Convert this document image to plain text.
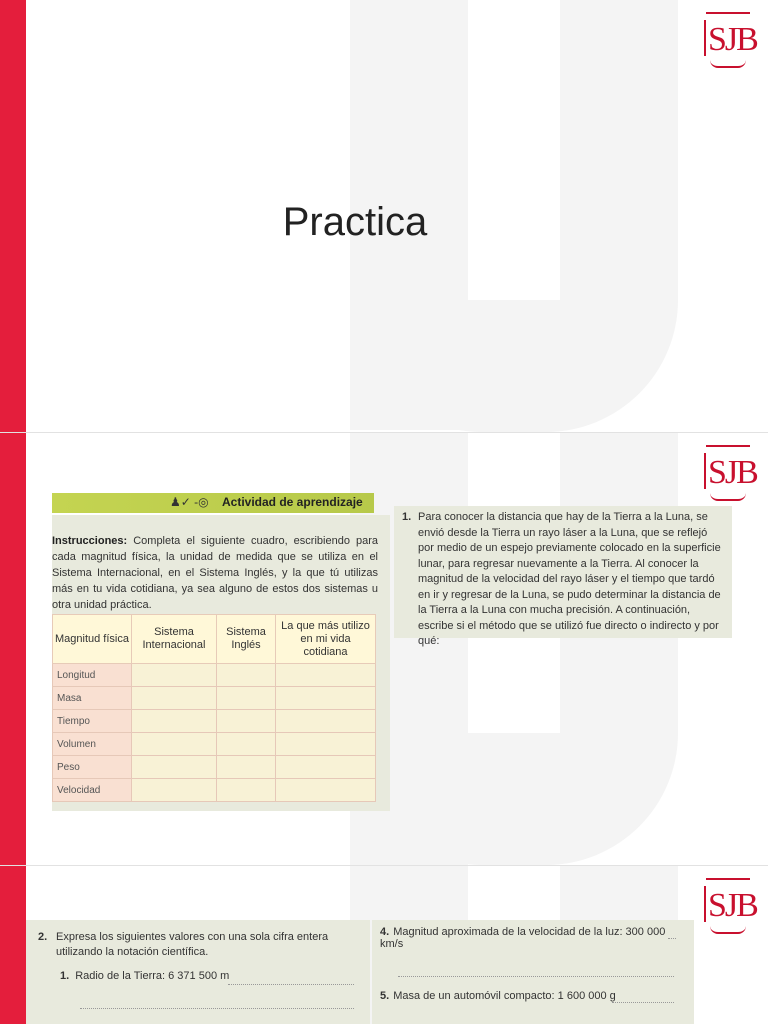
SJB
Practica
SJB
♟✓ -◎ Actividad de aprendizaje
Instrucciones: Completa el siguiente cuadro, escribiendo para cada magnitud física, la unidad de medida que se utiliza en el Sistema Internacional, en el Sistema Inglés, y la que tú utilizas más en tu vida cotidiana, ya sea alguno de estos dos sistemas u otra unidad práctica.
Magnitud física	Sistema Internacional	Sistema Inglés	La que más utilizo en mi vida cotidiana
Longitud			
Masa			
Tiempo			
Volumen			
Peso			
Velocidad			
1. Para conocer la distancia que hay de la Tierra a la Luna, se envió desde la Tierra un rayo láser a la Luna, que se reflejó por medio de un espejo previamente colocado en la superficie lunar, para regresar nuevamente a la Tierra. Al conocer la magnitud de la velocidad del rayo láser y el tiempo que tardó en ir y regresar de la Luna, se pudo determinar la distancia de la Tierra a la Luna con mucha precisión. A continuación, escribe si el método que se utilizó fue directo o indirecto y por qué:
SJB
2. Expresa los siguientes valores con una sola cifra entera utilizando la notación científica.
1. Radio de la Tierra: 6 371 500 m
4. Magnitud aproximada de la velocidad de la luz: 300 000 km/s
5. Masa de un automóvil compacto: 1 600 000 g
